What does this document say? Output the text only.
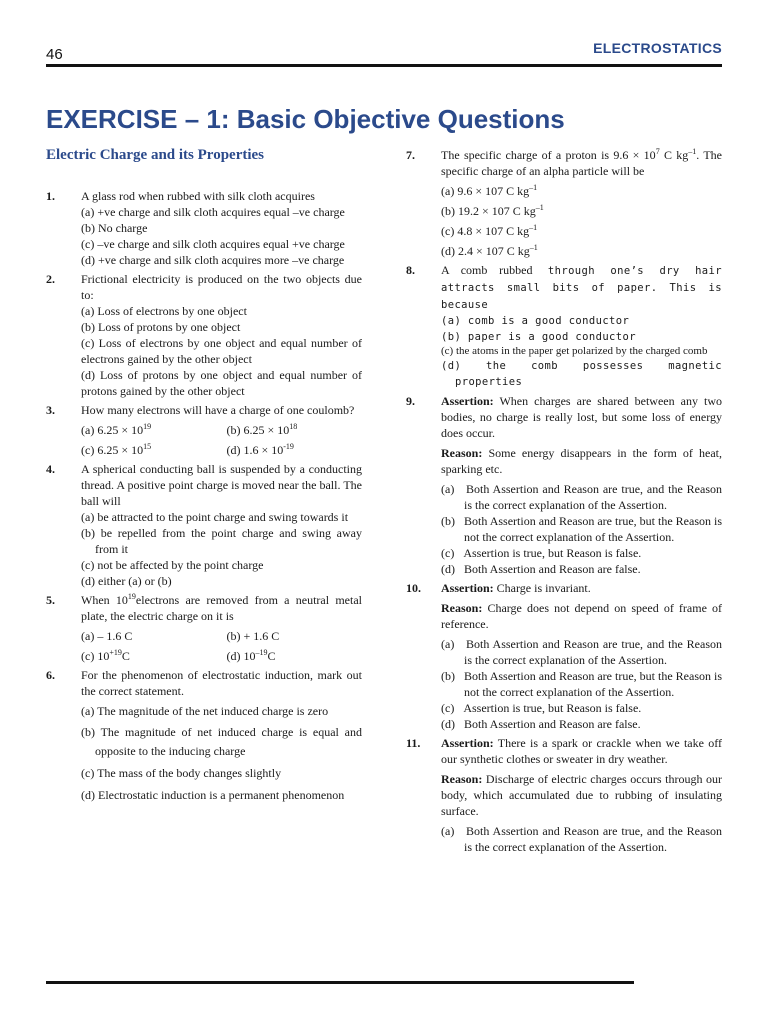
46	ELECTROSTATICS
EXERCISE – 1: Basic Objective Questions
Electric Charge and its Properties
1. A glass rod when rubbed with silk cloth acquires

(a) +ve charge and silk cloth acquires equal –ve charge

(b) No charge

(c) –ve charge and silk cloth acquires equal +ve charge

(d) +ve charge and silk cloth acquires more –ve charge

2. Frictional electricity is produced on the two objects due to:

(a) Loss of electrons by one object

(b) Loss of protons by one object

(c) Loss of electrons by one object and equal number of electrons gained by the other object

(d) Loss of protons by one object and equal number of protons gained by the other object

3. How many electrons will have a charge of one coulomb?

(a) $6.25 \times 10^{19}$	(b) $6.25 \times 10^{18}$

(c) $6.25 \times 10^{15}$	(d) $1.6 \times 10^{-19}$

4. A spherical conducting ball is suspended by a conducting thread. A positive point charge is moved near the ball. The ball will

(a) be attracted to the point charge and swing towards it

(b) be repelled from the point charge and swing away from it

(c) not be affected by the point charge

(d) either (a) or (b)

5. When $10^{19}electrons$ are removed from a neutral metal plate, the electric charge on it is

(a) – 1.6 C	(b) + 1.6 C

(c) $10^{+19}C$	(d) $10^{-19}C$

6. For the phenomenon of electrostatic induction, mark out the correct statement.

(a) The magnitude of the net induced charge is zero

(b) The magnitude of net induced charge is equal and opposite to the inducing charge

(c) The mass of the body changes slightly

(d) Electrostatic induction is a permanent phenomenon

7. The specific charge of a proton is $9.6 \times 10^7$ C $kg^{-1}$. The specific charge of an alpha particle will be

(a) 9.6 × 107 C $kg^{-1}$

(b) 19.2 × 107 C $kg^{-1}$

(c) 4.8 × 107 C $kg^{-1}$

(d) 2.4 × 107 C $kg^{-1}$

8. A comb rubbed through one’s dry hair attracts small bits of paper. This is because

(a) comb is a good conductor

(b) paper is a good conductor

(c) the atoms in the paper get polarized by the charged comb

(d) the comb possesses magnetic properties

9. Assertion: When charges are shared between any two bodies, no charge is really lost, but some loss of energy does occur.

Reason: Some energy disappears in the form of heat, sparking etc.

(a) Both Assertion and Reason are true, and the Reason is the correct explanation of the Assertion.

(b) Both Assertion and Reason are true, but the Reason is not the correct explanation of the Assertion.

(c) Assertion is true, but Reason is false.

(d) Both Assertion and Reason are false.

10. Assertion: Charge is invariant.

Reason: Charge does not depend on speed of frame of reference.

(a) Both Assertion and Reason are true, and the Reason is the correct explanation of the Assertion.

(b) Both Assertion and Reason are true, but the Reason is not the correct explanation of the Assertion.

(c) Assertion is true, but Reason is false.

(d) Both Assertion and Reason are false.

11. Assertion: There is a spark or crackle when we take off our synthetic clothes or sweater in dry weather.

Reason: Discharge of electric charges occurs through our body, which accumulated due to rubbing of insulating surface.

(a) Both Assertion and Reason are true, and the Reason is the correct explanation of the Assertion.
